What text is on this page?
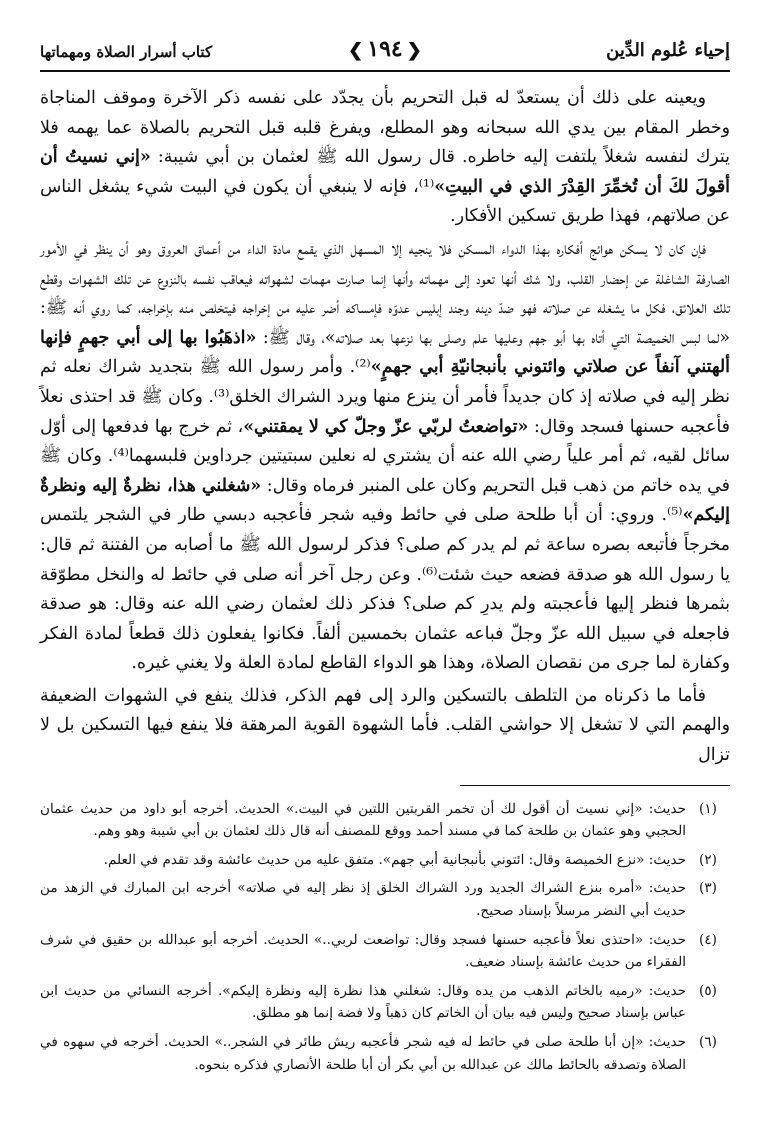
إحياء عُلوم الدِّين
❮ ١٩٤ ❯
كتاب أسرار الصلاة ومهماتها

ويعينه على ذلك أن يستعدّ له قبل التحريم بأن يجدّد على نفسه ذكر الآخرة وموقف المناجاة وخطر المقام بين يدي الله سبحانه وهو المطلع، ويفرغ قلبه قبل التحريم بالصلاة عما يهمه فلا يترك لنفسه شغلاً يلتفت إليه خاطره. قال رسول الله ﷺ لعثمان بن أبي شيبة: «إني نسيتُ أن أقولَ لكَ أن تُخمِّرَ القِدْرَ الذي في البيتِ»⁽¹⁾، فإنه لا ينبغي أن يكون في البيت شيء يشغل الناس عن صلاتهم، فهذا طريق تسكين الأفكار.

فإن كان لا يسكن هوائج أفكاره بهذا الدواء المسكن فلا ينجيه إلا المسهل الذي يقمع مادة الداء من أعماق العروق وهو أن ينظر في الأمور الصارفة الشاغلة عن إحضار القلب، ولا شك أنها تعود إلى مهماته وأنها إنما صارت مهمات لشهواته فيعاقب نفسه بالنزوع عن تلك الشهوات وقطع تلك العلائق، فكل ما يشغله عن صلاته فهو ضدّ دينه وجند إبليس عدوّه فإمساكه أضر عليه من إخراجه فيتخلص منه بإخراجه، كما روي أنه ﷺ: «لما لبس الخميصة التي أتاه بها أبو جهم وعليها علم وصلى بها نزعها بعد صلاته»، وقال ﷺ: «اذهَبُوا بها إلى أبي جهمٍ فإنها ألهتني آنفاً عن صلاتي وائتوني بأنبجانيّةِ أبي جهمٍ»⁽²⁾. وأمر رسول الله ﷺ بتجديد شراك نعله ثم نظر إليه في صلاته إذ كان جديداً فأمر أن ينزع منها ويرد الشراك الخلق⁽³⁾. وكان ﷺ قد احتذى نعلاً فأعجبه حسنها فسجد وقال: «تواضعتُ لربّي عزّ وجلّ كي لا يمقتني»، ثم خرج بها فدفعها إلى أوّل سائل لقيه، ثم أمر علياً رضي الله عنه أن يشتري له نعلين سبتيتين جرداوين فلبسهما⁽⁴⁾. وكان ﷺ في يده خاتم من ذهب قبل التحريم وكان على المنبر فرماه وقال: «شغلني هذا، نظرةٌ إليه ونظرةٌ إليكم»⁽⁵⁾. وروي: أن أبا طلحة صلى في حائط وفيه شجر فأعجبه دبسي طار في الشجر يلتمس مخرجاً فأتبعه بصره ساعة ثم لم يدر كم صلى؟ فذكر لرسول الله ﷺ ما أصابه من الفتنة ثم قال: يا رسول الله هو صدقة فضعه حيث شئت⁽⁶⁾. وعن رجل آخر أنه صلى في حائط له والنخل مطوّقة بثمرها فنظر إليها فأعجبته ولم يدرِ كم صلى؟ فذكر ذلك لعثمان رضي الله عنه وقال: هو صدقة فاجعله في سبيل الله عزّ وجلّ فباعه عثمان بخمسين ألفاً. فكانوا يفعلون ذلك قطعاً لمادة الفكر وكفارة لما جرى من نقصان الصلاة، وهذا هو الدواء القاطع لمادة العلة ولا يغني غيره.

فأما ما ذكرناه من التلطف بالتسكين والرد إلى فهم الذكر، فذلك ينفع في الشهوات الضعيفة والهمم التي لا تشغل إلا حواشي القلب. فأما الشهوة القوية المرهقة فلا ينفع فيها التسكين بل لا تزال

(١)
حديث: «إني نسيت أن أقول لك أن تخمر القربتين اللتين في البيت.» الحديث. أخرجه أبو داود من حديث عثمان الحجبي وهو عثمان بن طلحة كما في مسند أحمد ووقع للمصنف أنه قال ذلك لعثمان بن أبي شيبة وهو وهم.
(٢)
حديث: «نزع الخميصة وقال: ائتوني بأنبجانية أبي جهم». متفق عليه من حديث عائشة وقد تقدم في العلم.
(٣)
حديث: «أمره بنزع الشراك الجديد ورد الشراك الخلق إذ نظر إليه في صلاته» أخرجه ابن المبارك في الزهد من حديث أبي النضر مرسلاً بإسناد صحيح.
(٤)
حديث: «احتذى نعلاً فأعجبه حسنها فسجد وقال: تواضعت لربي..» الحديث. أخرجه أبو عبدالله بن حقيق في شرف الفقراء من حديث عائشة بإسناد ضعيف.
(٥)
حديث: «رميه بالخاتم الذهب من يده وقال: شغلني هذا نظرة إليه ونظرة إليكم». أخرجه النسائي من حديث ابن عباس بإسناد صحيح وليس فيه بيان أن الخاتم كان ذهباً ولا فضة إنما هو مطلق.
(٦)
حديث: «إن أبا طلحة صلى في حائط له فيه شجر فأعجبه ريش طائر في الشجر..» الحديث. أخرجه في سهوه في الصلاة وتصدقه بالحائط مالك عن عبدالله بن أبي بكر أن أبا طلحة الأنصاري فذكره بنحوه.
